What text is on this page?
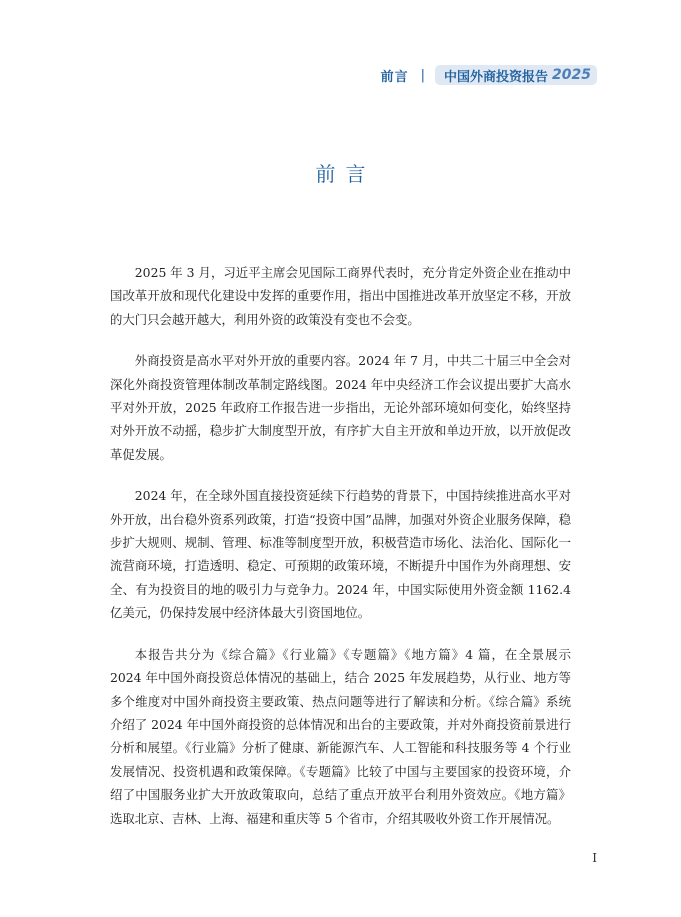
前言 | 中国外商投资报告 2025
前言

2025 年 3 月，习近平主席会见国际工商界代表时，充分肯定外资企业在推动中国改革开放和现代化建设中发挥的重要作用，指出中国推进改革开放坚定不移，开放的大门只会越开越大，利用外资的政策没有变也不会变。

外商投资是高水平对外开放的重要内容。2024 年 7 月，中共二十届三中全会对深化外商投资管理体制改革制定路线图。2024 年中央经济工作会议提出要扩大高水平对外开放，2025 年政府工作报告进一步指出，无论外部环境如何变化，始终坚持对外开放不动摇，稳步扩大制度型开放，有序扩大自主开放和单边开放，以开放促改革促发展。

2024 年，在全球外国直接投资延续下行趋势的背景下，中国持续推进高水平对外开放，出台稳外资系列政策，打造“投资中国”品牌，加强对外资企业服务保障，稳步扩大规则、规制、管理、标准等制度型开放，积极营造市场化、法治化、国际化一流营商环境，打造透明、稳定、可预期的政策环境，不断提升中国作为外商理想、安全、有为投资目的地的吸引力与竞争力。2024 年，中国实际使用外资金额 1162.4 亿美元，仍保持发展中经济体最大引资国地位。

本报告共分为《综合篇》《行业篇》《专题篇》《地方篇》4 篇，在全景展示 2024 年中国外商投资总体情况的基础上，结合 2025 年发展趋势，从行业、地方等多个维度对中国外商投资主要政策、热点问题等进行了解读和分析。《综合篇》系统介绍了 2024 年中国外商投资的总体情况和出台的主要政策，并对外商投资前景进行分析和展望。《行业篇》分析了健康、新能源汽车、人工智能和科技服务等 4 个行业发展情况、投资机遇和政策保障。《专题篇》比较了中国与主要国家的投资环境，介绍了中国服务业扩大开放政策取向，总结了重点开放平台利用外资效应。《地方篇》选取北京、吉林、上海、福建和重庆等 5 个省市，介绍其吸收外资工作开展情况。

I
